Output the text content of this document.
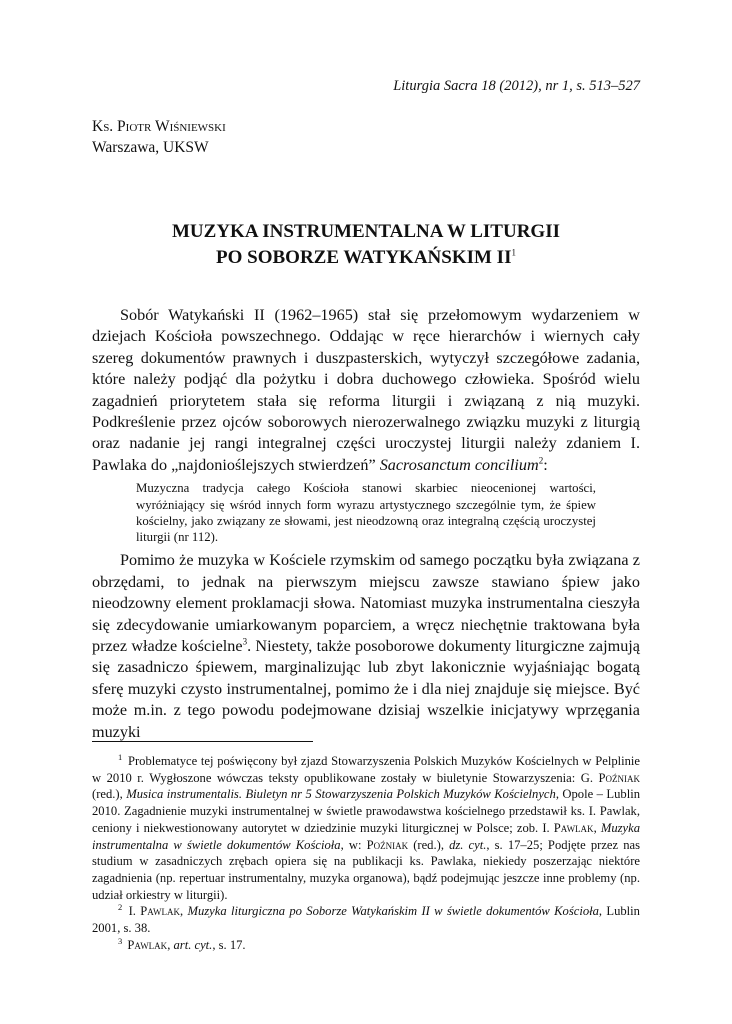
Liturgia Sacra 18 (2012), nr 1, s. 513–527
Ks. Piotr Wiśniewski
Warszawa, UKSW
MUZYKA INSTRUMENTALNA W LITURGII
PO SOBORZE WATYKAŃSKIM $II^1$

Sobór Watykański II (1962–1965) stał się przełomowym wydarzeniem w dziejach Kościoła powszechnego. Oddając w ręce hierarchów i wiernych cały szereg dokumentów prawnych i duszpasterskich, wytyczył szczegółowe zadania, które należy podjąć dla pożytku i dobra duchowego człowieka. Spośród wielu zagadnień priorytetem stała się reforma liturgii i związaną z nią muzyki. Podkreślenie przez ojców soborowych nierozerwalnego związku muzyki z liturgią oraz nadanie jej rangi integralnej części uroczystej liturgii należy zdaniem I. Pawlaka do „najdonioślejszych stwierdzeń” Sacrosanctum concilium$^2$:

Muzyczna tradycja całego Kościoła stanowi skarbiec nieocenionej wartości, wyróżniający się wśród innych form wyrazu artystycznego szczególnie tym, że śpiew kościelny, jako związany ze słowami, jest nieodzowną oraz integralną częścią uroczystej liturgii (nr 112).

Pomimo że muzyka w Kościele rzymskim od samego początku była związana z obrzędami, to jednak na pierwszym miejscu zawsze stawiano śpiew jako nieodzowny element proklamacji słowa. Natomiast muzyka instrumentalna cieszyła się zdecydowanie umiarkowanym poparciem, a wręcz niechętnie traktowana była przez władze kościelne$^3$. Niestety, także posoborowe dokumenty liturgiczne zajmują się zasadniczo śpiewem, marginalizując lub zbyt lakonicznie wyjaśniając bogatą sferę muzyki czysto instrumentalnej, pomimo że i dla niej znajduje się miejsce. Być może m.in. z tego powodu podejmowane dzisiaj wszelkie inicjatywy wprzęgania muzyki

$^1$ Problematyce tej poświęcony był zjazd Stowarzyszenia Polskich Muzyków Kościelnych w Pelplinie w 2010 r. Wygłoszone wówczas teksty opublikowane zostały w biuletynie Stowarzyszenia: G. Poźniak (red.), Musica instrumentalis. Biuletyn nr 5 Stowarzyszenia Polskich Muzyków Kościelnych, Opole – Lublin 2010. Zagadnienie muzyki instrumentalnej w świetle prawodawstwa kościelnego przedstawił ks. I. Pawlak, ceniony i niekwestionowany autorytet w dziedzinie muzyki liturgicznej w Polsce; zob. I. Pawlak, Muzyka instrumentalna w świetle dokumentów Kościoła, w: Poźniak (red.), dz. cyt., s. 17–25; Podjęte przez nas studium w zasadniczych zrębach opiera się na publikacji ks. Pawlaka, niekiedy poszerzając niektóre zagadnienia (np. repertuar instrumentalny, muzyka organowa), bądź podejmując jeszcze inne problemy (np. udział orkiestry w liturgii).

$^2$ I. Pawlak, Muzyka liturgiczna po Soborze Watykańskim II w świetle dokumentów Kościoła, Lublin 2001, s. 38.

$^3$ Pawlak, art. cyt., s. 17.
